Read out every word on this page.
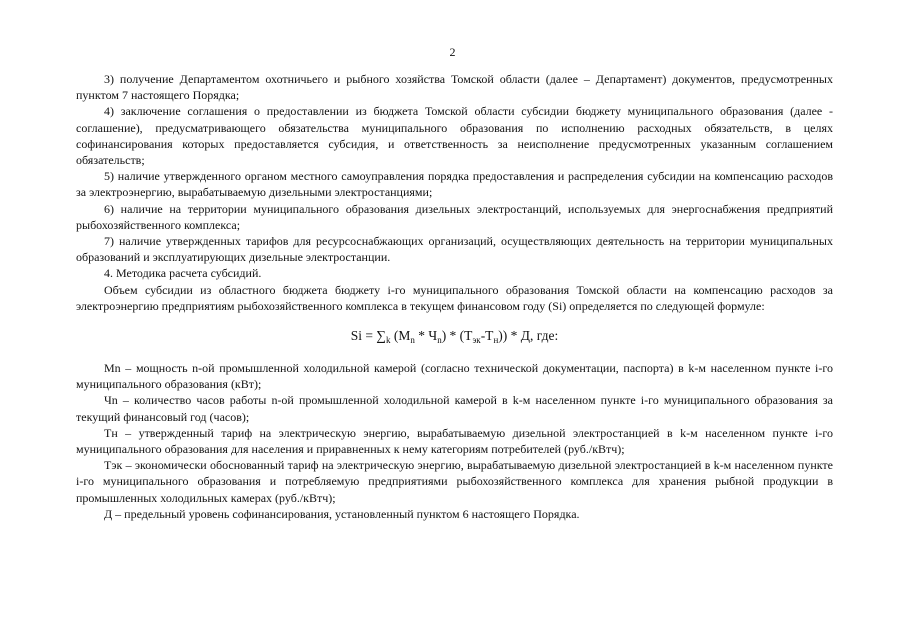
2

3) получение Департаментом охотничьего и рыбного хозяйства Томской области (далее – Департамент) документов, предусмотренных пунктом 7 настоящего Порядка;

4) заключение соглашения о предоставлении из бюджета Томской области субсидии бюджету муниципального образования (далее - соглашение), предусматривающего обязательства муниципального образования по исполнению расходных обязательств, в целях софинансирования которых предоставляется субсидия, и ответственность за неисполнение предусмотренных указанным соглашением обязательств;

5) наличие утвержденного органом местного самоуправления порядка предоставления и распределения субсидии на компенсацию расходов за электроэнергию, вырабатываемую дизельными электростанциями;

6) наличие на территории муниципального образования дизельных электростанций, используемых для энергоснабжения предприятий рыбохозяйственного комплекса;

7) наличие утвержденных тарифов для ресурсоснабжающих организаций, осуществляющих деятельность на территории муниципальных образований и эксплуатирующих дизельные электростанции.

4. Методика расчета субсидий.

Объем субсидии из областного бюджета бюджету i-го муниципального образования Томской области на компенсацию расходов за электроэнергию предприятиям рыбохозяйственного комплекса в текущем финансовом году (Si) определяется по следующей формуле:

$Si = \sum_k$ $(М_n * Ч_n) * (Т_{эк}-Т_н)$) * Д, где:

Мn – мощность n-ой промышленной холодильной камерой (согласно технической документации, паспорта) в k-м населенном пункте i-го муниципального образования (кВт);

Чn – количество часов работы n-ой промышленной холодильной камерой в k-м населенном пункте i-го муниципального образования за текущий финансовый год (часов);

Тн – утвержденный тариф на электрическую энергию, вырабатываемую дизельной электростанцией в k-м населенном пункте i-го муниципального образования для населения и приравненных к нему категориям потребителей (руб./кВтч);

Тэк – экономически обоснованный тариф на электрическую энергию, вырабатываемую дизельной электростанцией в k-м населенном пункте i-го муниципального образования и потребляемую предприятиями рыбохозяйственного комплекса для хранения рыбной продукции в промышленных холодильных камерах (руб./кВтч);

Д – предельный уровень софинансирования, установленный пунктом 6 настоящего Порядка.
